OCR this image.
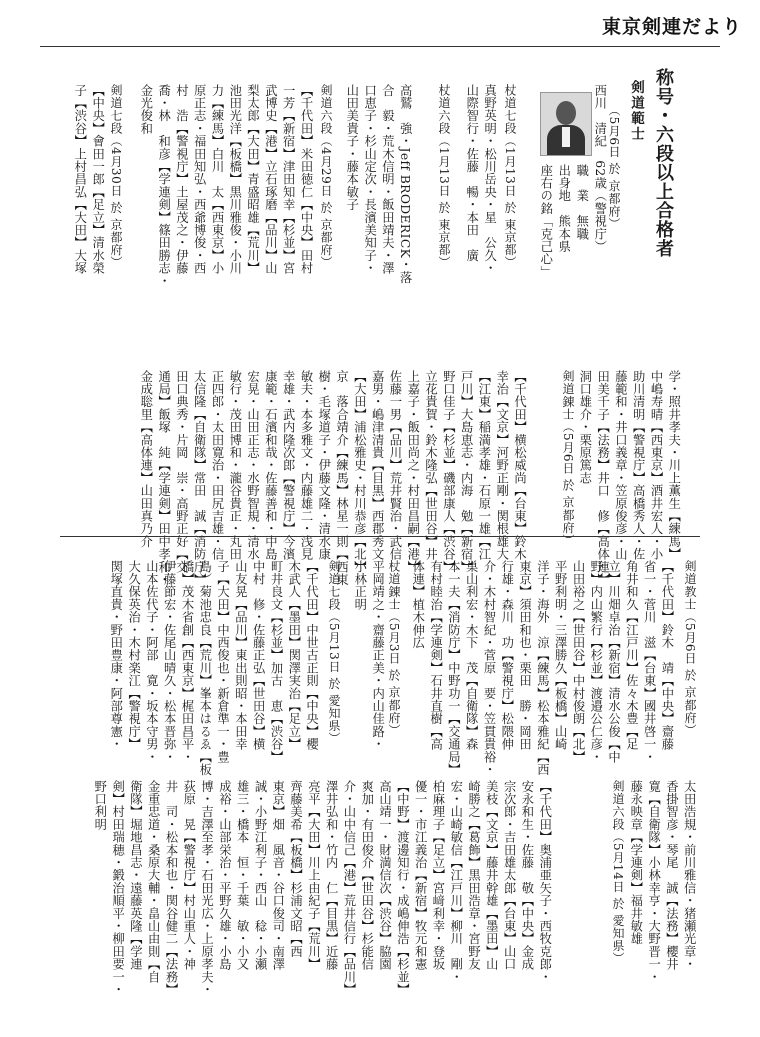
東京剣連だより
称号・六段以上合格者
剣道範士
（5月6日 於 京都府）
西川　清紀　62歳（警視庁）
職　業　無職
出身地　熊本県
座右の銘「克己心」
杖道七段（1月13日 於 東京都）
真野英明・松川岳央・星　公久・
山際智行・佐藤　暢・本田　廣
杖道六段（1月13日 於 東京都）
高鷲　強・Jeff BRODERICK・落
合　毅・荒木信明・飯田靖夫・澤
口恵子・杉山定次・長濱美知子・
山田美貴子・藤本敏子
剣道六段（4月29日 於 京都府）
【千代田】米田徳仁【中央】田村
一芳【新宿】津田知幸【杉並】宮
武博史【港】立石琢磨【品川】山
梨太郎【大田】青盛昭雄【荒川】
池田光洋【板橋】黒川雅俊・小川
力【練馬】白川　太【西東京】小
原正志・福田知弘・西爺博俊・西
村　浩【警視庁】土屋茂之・伊藤
喬・林　和彦【学連剣】篠田勝志・
金光俊和
剣道七段（4月30日 於 京都府）
【中央】會田一郎【足立】清水榮
子【渋谷】上村昌弘【大田】大塚
学・照井孝夫・川上薫生【練馬】
中嶋寿晴【西東京】酒井宏人・小
助川清明【警視庁】高橋秀人・佐
藤範和・井口義章・笠原俊彦・山
田美千子【法務】井口　修【高体連】
洞口雄介・栗原篤志
剣道錬士（5月6日 於 京都府）
【千代田】横松威尚【台東】鈴木
幸治【文京】河野正剛・関根雄大
【江東】稲満孝雄・石原一雄【江
戸川】大島恵志・内海　勉【新宿】
野口佳子【杉並】磯部康人【渋谷】
立花貴賀・鈴木隆弘【世田谷】井
上嘉子・飯田尚之・村田昌嗣【港】
佐藤一男【品川】荒井賢治・武信
嘉男・嶋津清貴【目黒】西郡秀文
【大田】浦松雅史・村川恭彦【北】
京　落合靖介【練馬】林星一則【西東
樹・毛塚道子・伊藤文隆・清水康
敏夫・本多雅文・内藤雄二・浅見
幸雄・武内隆次郎【警視庁】今濱
康範・石濱和哉・佐藤善和・中島
宏晃・山田正志・水野智規・清水
敏行・茂田博和・瀧谷貴正・丸田
正四郎・太田寛治・田尻吉雄・信
太信隆【自衛隊】常田　誠【消防庁】
田口典秀・片岡　崇・高野正好【交
通局】飯塚　純【学連剣】田中孝和・
金成聡里【高体連】山田真乃介
剣道教士（5月6日 於 京都府）
【千代田】鈴木　靖【中央】齋藤
省一・菅川　滋【台東】國井啓一・
角井和久【江戸川】佐々木豊【足
立】川畑卓治【新宿】清水公俊【中
野】内山繁行【杉並】渡邉公仁彦・
山田裕之【世田谷】中村俊朗【北】
平野利明・三澤勝久【板橋】山崎
洋子・海外　涼【練馬】松本雅紀【西
東京】須田和也・栗田　勝・岡田
行雄・森川　功【警視庁】松隈伸
介・木村智紀・菅原　要・笠貫貴裕・
巣山利宏・木下　茂【自衛隊】森
本一夫【消防庁】中野功一【交通局】
有村睦治【学連剣】石井直樹【高
体連】植木伸広
杖道錬士（5月3日 於 京都府）
平岡靖之・齋藤正美・内山佳路・
小林正明
剣道七段（5月13日 於 愛知県）
【千代田】中世古正則【中央】櫻
木武人【墨田】関澤実治【足立】
町井良文【杉並】加古　恵【渋谷】
中村　修・佐藤正弘【世田谷】横
山友晃【品川】東出則昭・本田幸
子【大田】中西俊也・新倉準一・豊
島）菊池忠良【荒川】峯本はるゑ【板
橋】茂木省創【西東京】梶田昌平・
伊藤節宏・佐尾山晴久・松本晋弥・
山本佐代子・阿部　寛・坂本守男・
大久保英治・木村楽江【警視庁】
関塚直貴・野田豊康・阿部尊憲・
太田浩規・前川雅信・猪瀬光章・
香掛智彦・琴尾　誠【法務】櫻井
寛【自衛隊】小林幸亨・大野晋一・
藤永映章【学連剣】福井敏雄
剣道六段（5月14日 於 愛知県）
【千代田】奥浦亜矢子・西牧克郎・
安永和生・佐藤　敬【中央】金成
宗次郎・吉田雄太郎【台東】山口
美枝【文京】藤井幹雄【墨田】山
崎勝之【葛飾】黒田浩章・宮野友
宏・山崎敏信【江戸川】柳川　剛・
柏麻理子【足立】宮﨑利幸・登坂
優一・市江義治【新宿】牧元和憲
【中野】渡邊知行・成嶋伸浩【杉並】
高山靖一・財満信次【渋谷】脇園
爽加・有田俊介【世田谷】杉能信
介・山中信己【港】荒井信行【品川】
澤井弘和・竹内　仁【目黒】近藤
亮平【大田】川上由紀子【荒川】
齊藤美希【板橋】杉浦文昭【西
東京】畑　風音・谷口俊司・南澤
誠・小野江利子・西山　稔・小瀬
雄三・橋本　恒・千葉　敏・小又
成裕・山部栄治・平野久雄・小島
博・吉澤至孝・石田光広・上原孝夫・
荻原　晃【警視庁】村山重人・神
井　司・松本和也・関谷健二【法務】
金重忠道・桑原大輔・畠山由則【自
衛隊】堀地昌志・遠藤英隆【学連
剣】村田瑞穂・鍛治順平・柳田要一・
野口利明
